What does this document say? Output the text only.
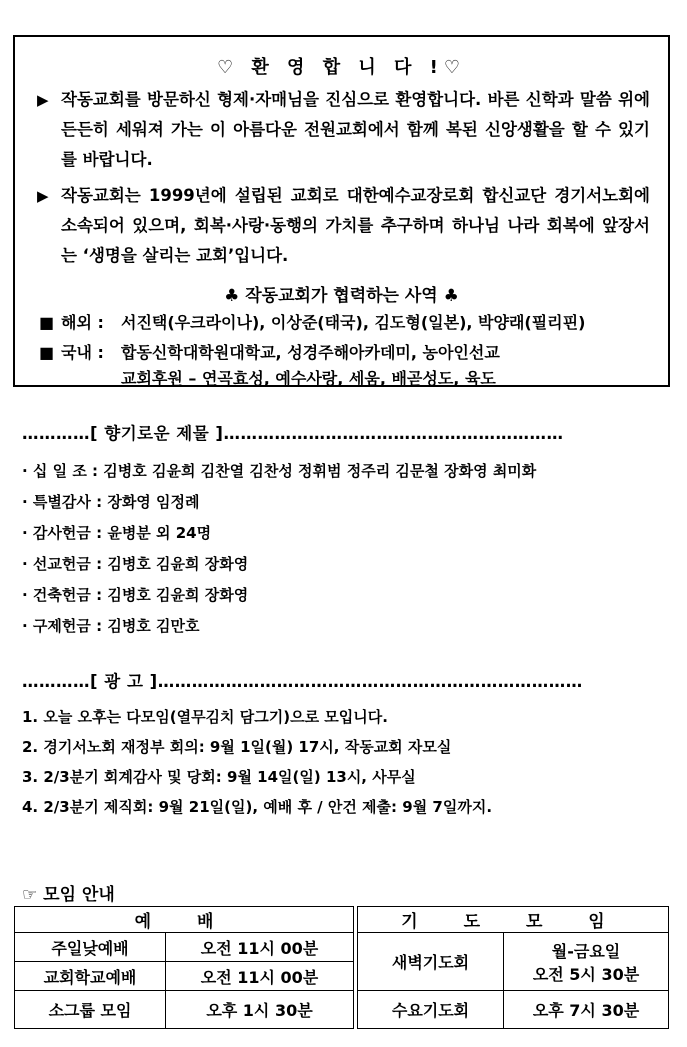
♡ 환 영 합 니 다 !♡
▶ 작동교회를 방문하신 형제·자매님을 진심으로 환영합니다. 바른 신학과 말씀 위에 든든히 세워져 가는 이 아름다운 전원교회에서 함께 복된 신앙생활을 할 수 있기를 바랍니다.
▶ 작동교회는 1999년에 설립된 교회로 대한예수교장로회 합신교단 경기서노회에 소속되어 있으며, 회복·사랑·동행의 가치를 추구하며 하나님 나라 회복에 앞장서는 ‘생명을 살리는 교회’입니다.
♣ 작동교회가 협력하는 사역 ♣
■ 해외 :	서진택(우크라이나), 이상준(태국), 김도형(일본), 박양래(필리핀)
■ 국내 :	합동신학대학원대학교, 성경주해아카데미, 농아인선교
교회후원 – 연곡효성, 예수사랑, 세움, 배곧성도, 육도
…………[ 향기로운 제물 ]……………………………………………………
· 십 일 조 : 김병호 김윤희 김찬열 김찬성 정휘범 정주리 김문철 장화영 최미화
· 특별감사 : 장화영 임정례
· 감사헌금 : 윤병분 외 24명
· 선교헌금 : 김병호 김윤희 장화영
· 건축헌금 : 김병호 김윤희 장화영
· 구제헌금 : 김병호 김만호
…………[ 광 고 ]…………………………………………………………………
1. 오늘 오후는 다모임(열무김치 담그기)으로 모입니다.
2. 경기서노회 재정부 회의: 9월 1일(월) 17시, 작동교회 자모실
3. 2/3분기 회계감사 및 당회: 9월 14일(일) 13시, 사무실
4. 2/3분기 제직회: 9월 21일(일), 예배 후 / 안건 제출: 9월 7일까지.
☞ 모임 안내
예 배	
주일낮예배	오전 11시 00분
교회학교예배	오전 11시 00분
소그룹 모임	오후 1시 30분
기 도 모 임	
새벽기도회	월-금요일
오전 5시 30분

수요기도회	오후 7시 30분
